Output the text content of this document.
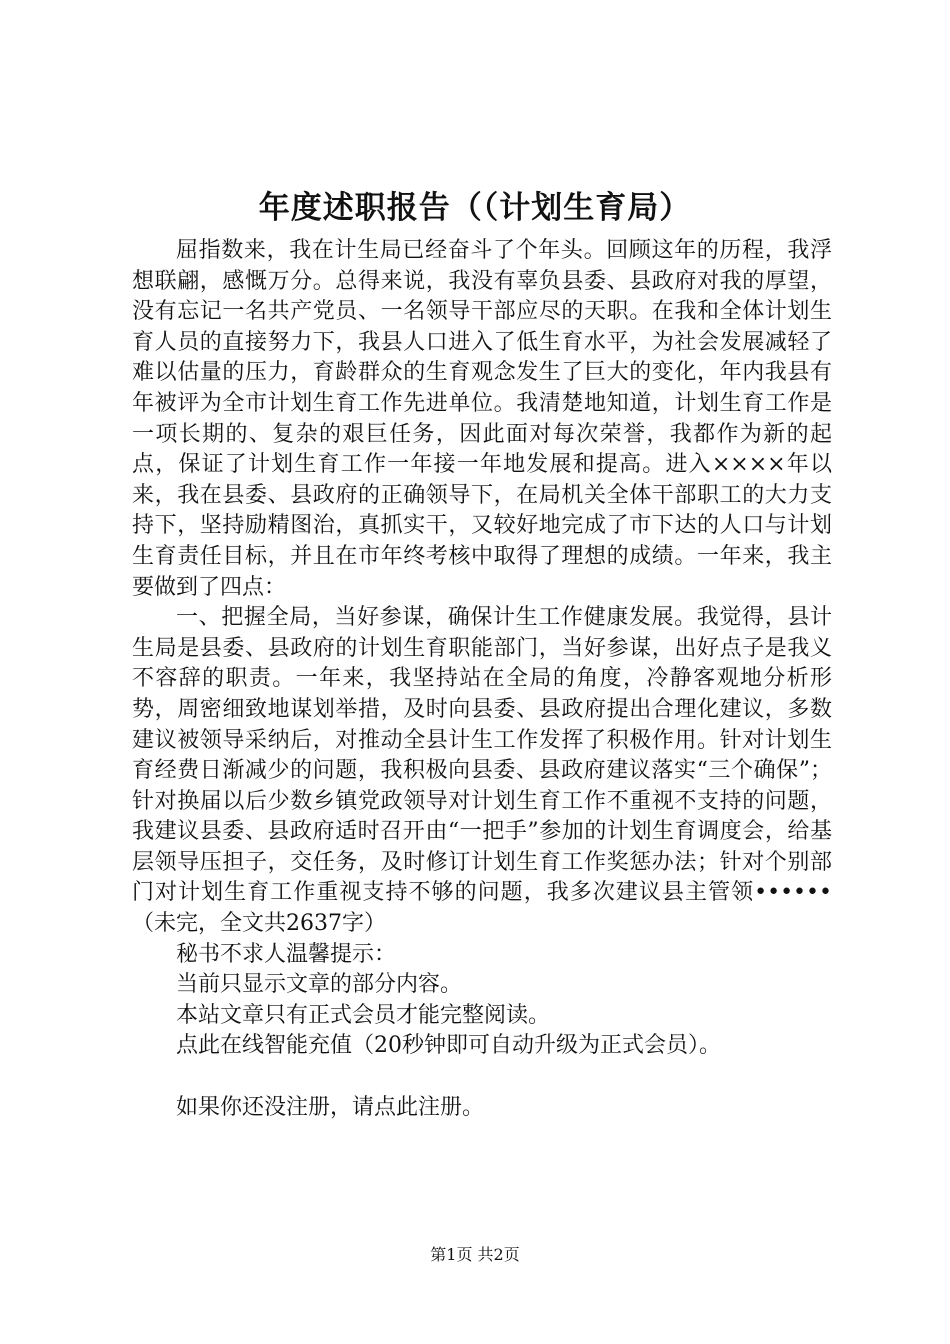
年度述职报告（（计划生育局）

屈指数来，我在计生局已经奋斗了个年头。回顾这年的历程，我浮想联翩，感慨万分。总得来说，我没有辜负县委、县政府对我的厚望，没有忘记一名共产党员、一名领导干部应尽的天职。在我和全体计划生育人员的直接努力下，我县人口进入了低生育水平，为社会发展减轻了难以估量的压力，育龄群众的生育观念发生了巨大的变化，年内我县有年被评为全市计划生育工作先进单位。我清楚地知道，计划生育工作是一项长期的、复杂的艰巨任务，因此面对每次荣誉，我都作为新的起点，保证了计划生育工作一年接一年地发展和提高。进入××××年以来，我在县委、县政府的正确领导下，在局机关全体干部职工的大力支持下，坚持励精图治，真抓实干，又较好地完成了市下达的人口与计划生育责任目标，并且在市年终考核中取得了理想的成绩。一年来，我主要做到了四点：

一、把握全局，当好参谋，确保计生工作健康发展。我觉得，县计生局是县委、县政府的计划生育职能部门，当好参谋，出好点子是我义不容辞的职责。一年来，我坚持站在全局的角度，冷静客观地分析形势，周密细致地谋划举措，及时向县委、县政府提出合理化建议，多数建议被领导采纳后，对推动全县计生工作发挥了积极作用。针对计划生育经费日渐减少的问题，我积极向县委、县政府建议落实“三个确保”；针对换届以后少数乡镇党政领导对计划生育工作不重视不支持的问题，我建议县委、县政府适时召开由“一把手”参加的计划生育调度会，给基层领导压担子，交任务，及时修订计划生育工作奖惩办法；针对个别部门对计划生育工作重视支持不够的问题，我多次建议县主管领••••••（未完，全文共2637字）

秘书不求人温馨提示：

当前只显示文章的部分内容。

本站文章只有正式会员才能完整阅读。

点此在线智能充值（20秒钟即可自动升级为正式会员）。

如果你还没注册，请点此注册。

第1页 共2页
